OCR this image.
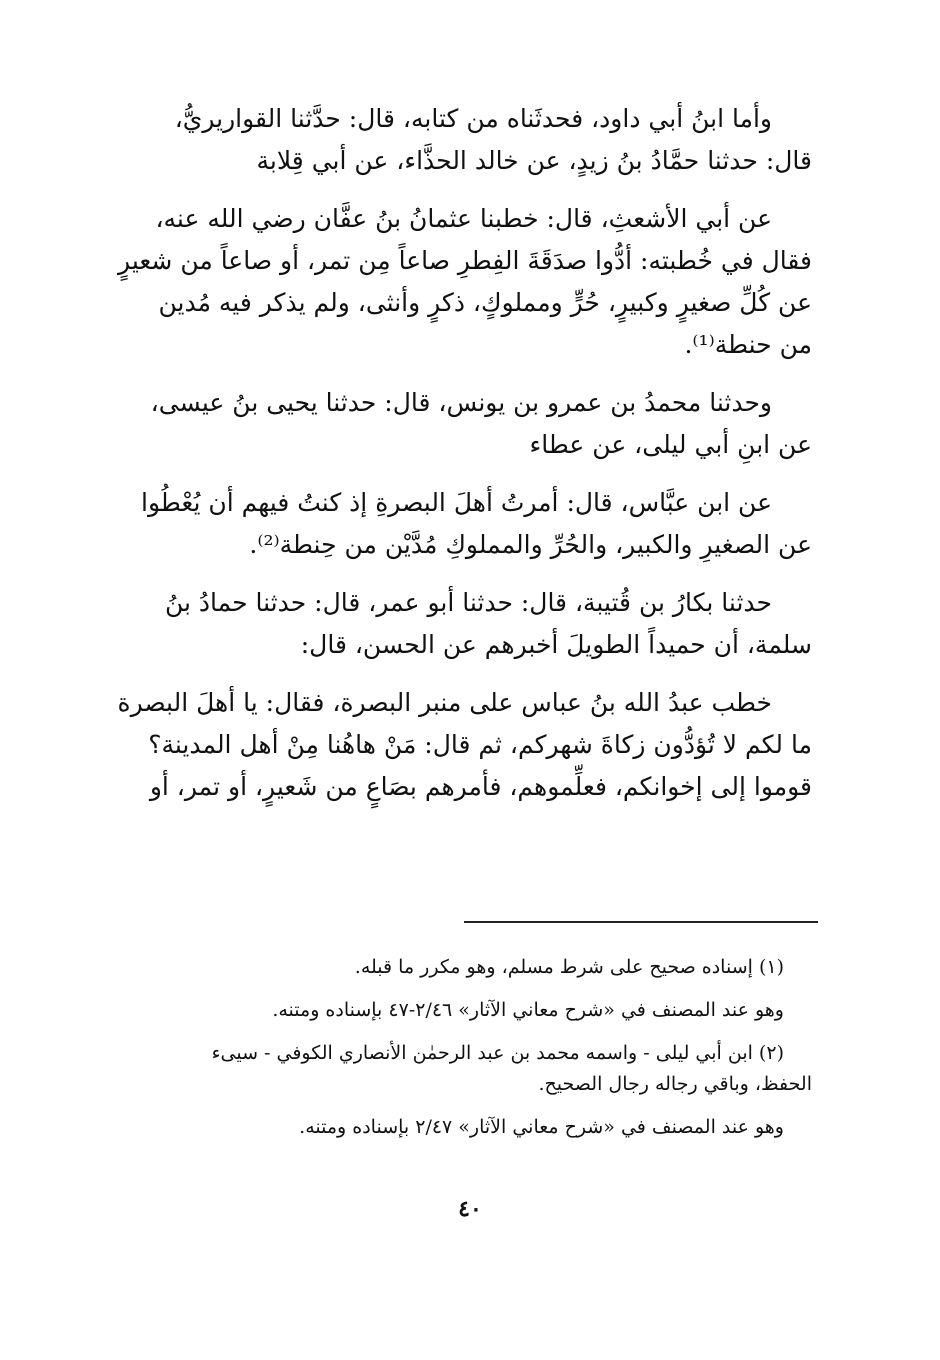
وأما ابنُ أبي داود، فحدثَناه من كتابه، قال: حدَّثنا القواريريُّ،
قال: حدثنا حمَّادُ بنُ زيدٍ، عن خالد الحذَّاء، عن أبي قِلابة

عن أبي الأشعثِ، قال: خطبنا عثمانُ بنُ عفَّان رضي الله عنه،
فقال في خُطبته: أدُّوا صدَقَةَ الفِطرِ صاعاً مِن تمر، أو صاعاً من شعيرٍ
عن كُلِّ صغيرٍ وكبيرٍ، حُرٍّ ومملوكٍ، ذكرٍ وأنثى، ولم يذكر فيه مُدين
من حنطة⁽¹⁾.

وحدثنا محمدُ بن عمرو بن يونس، قال: حدثنا يحيى بنُ عيسى،
عن ابنِ أبي ليلى، عن عطاء

عن ابن عبَّاس، قال: أمرتُ أهلَ البصرةِ إذ كنتُ فيهم أن يُعْطُوا
عن الصغيرِ والكبير، والحُرِّ والمملوكِ مُدَّيْن من حِنطة⁽²⁾.

حدثنا بكارُ بن قُتيبة، قال: حدثنا أبو عمر، قال: حدثنا حمادُ بنُ
سلمة، أن حميداً الطويلَ أخبرهم عن الحسن، قال:

خطب عبدُ الله بنُ عباس على منبر البصرة، فقال: يا أهلَ البصرة
ما لكم لا تُؤدُّون زكاةَ شهركم، ثم قال: مَنْ هاهُنا مِنْ أهل المدينة؟
قوموا إلى إخوانكم، فعلِّموهم، فأمرهم بصَاعٍ من شَعيرٍ، أو تمر، أو

(١) إسناده صحيح على شرط مسلم، وهو مكرر ما قبله.
وهو عند المصنف في «شرح معاني الآثار» ٢/٤٦-٤٧ بإسناده ومتنه.
(٢) ابن أبي ليلى - واسمه محمد بن عبد الرحمٰن الأنصاري الكوفي - سيىء
الحفظ، وباقي رجاله رجال الصحيح.
وهو عند المصنف في «شرح معاني الآثار» ٢/٤٧ بإسناده ومتنه.
٤٠
